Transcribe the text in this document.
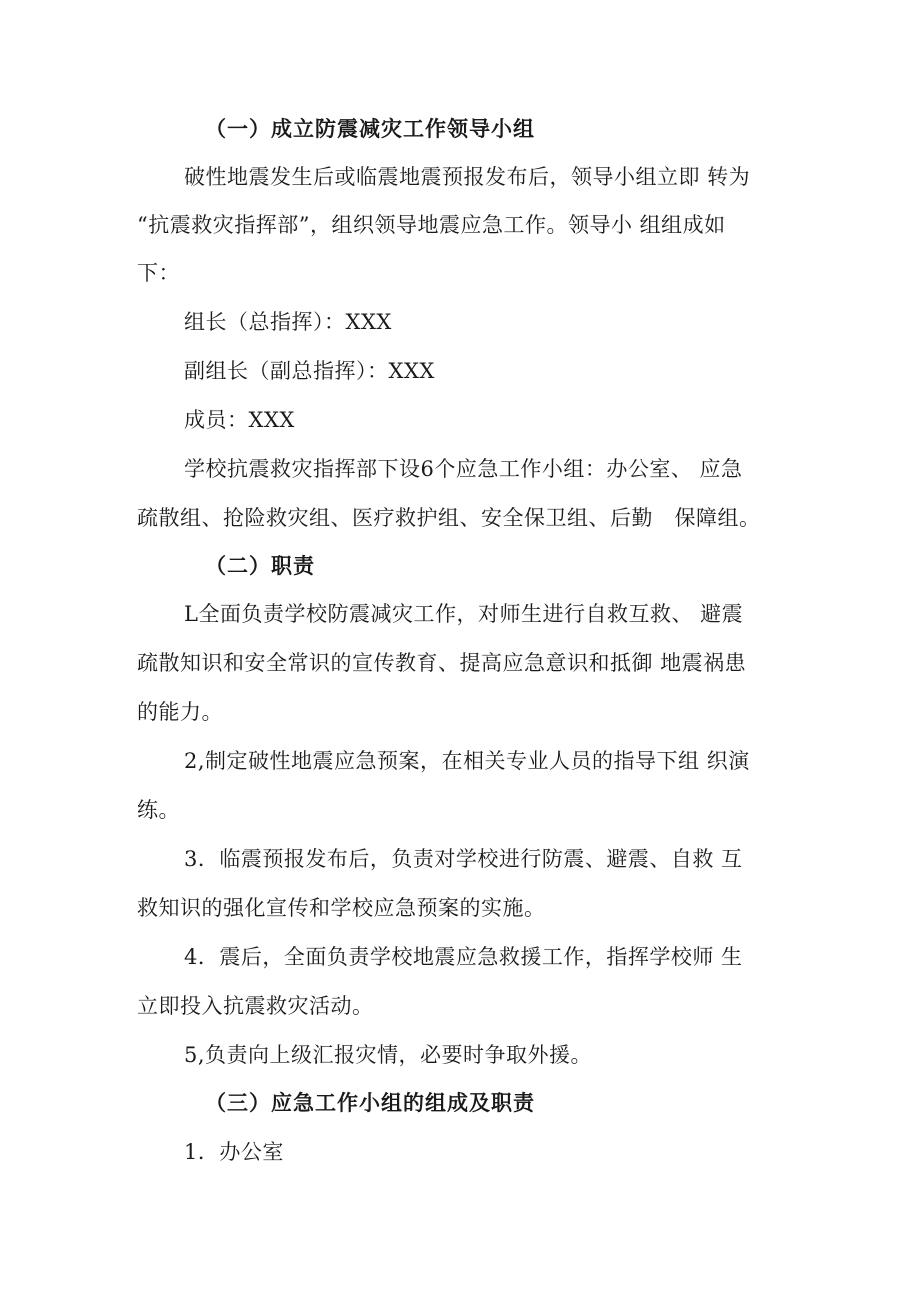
（一）成立防震减灾工作领导小组
破性地震发生后或临震地震预报发布后，领导小组立即 转为
“抗震救灾指挥部”，组织领导地震应急工作。领导小 组组成如
下：
组长（总指挥）：XXX
副组长（副总指挥）：XXX
成员：XXX
学校抗震救灾指挥部下设6个应急工作小组：办公室、 应急
疏散组、抢险救灾组、医疗救护组、安全保卫组、后勤　保障组。
（二）职责
L全面负责学校防震减灾工作，对师生进行自救互救、 避震
疏散知识和安全常识的宣传教育、提高应急意识和抵御 地震祸患
的能力。
2,制定破性地震应急预案，在相关专业人员的指导下组 织演
练。
3．临震预报发布后，负责对学校进行防震、避震、自救 互
救知识的强化宣传和学校应急预案的实施。
4．震后，全面负责学校地震应急救援工作，指挥学校师 生
立即投入抗震救灾活动。
5,负责向上级汇报灾情，必要时争取外援。
（三）应急工作小组的组成及职责
1．办公室
